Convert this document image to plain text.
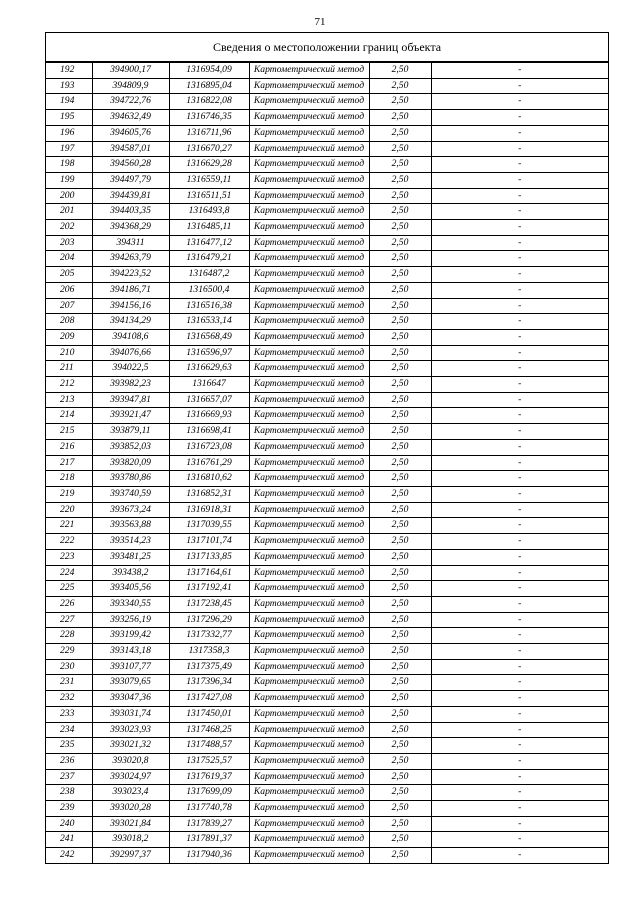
71
Сведения о местоположении границ объекта
192	394900,17	1316954,09	Картометрический метод	2,50	-
193	394809,9	1316895,04	Картометрический метод	2,50	-
194	394722,76	1316822,08	Картометрический метод	2,50	-
195	394632,49	1316746,35	Картометрический метод	2,50	-
196	394605,76	1316711,96	Картометрический метод	2,50	-
197	394587,01	1316670,27	Картометрический метод	2,50	-
198	394560,28	1316629,28	Картометрический метод	2,50	-
199	394497,79	1316559,11	Картометрический метод	2,50	-
200	394439,81	1316511,51	Картометрический метод	2,50	-
201	394403,35	1316493,8	Картометрический метод	2,50	-
202	394368,29	1316485,11	Картометрический метод	2,50	-
203	394311	1316477,12	Картометрический метод	2,50	-
204	394263,79	1316479,21	Картометрический метод	2,50	-
205	394223,52	1316487,2	Картометрический метод	2,50	-
206	394186,71	1316500,4	Картометрический метод	2,50	-
207	394156,16	1316516,38	Картометрический метод	2,50	-
208	394134,29	1316533,14	Картометрический метод	2,50	-
209	394108,6	1316568,49	Картометрический метод	2,50	-
210	394076,66	1316596,97	Картометрический метод	2,50	-
211	394022,5	1316629,63	Картометрический метод	2,50	-
212	393982,23	1316647	Картометрический метод	2,50	-
213	393947,81	1316657,07	Картометрический метод	2,50	-
214	393921,47	1316669,93	Картометрический метод	2,50	-
215	393879,11	1316698,41	Картометрический метод	2,50	-
216	393852,03	1316723,08	Картометрический метод	2,50	-
217	393820,09	1316761,29	Картометрический метод	2,50	-
218	393780,86	1316810,62	Картометрический метод	2,50	-
219	393740,59	1316852,31	Картометрический метод	2,50	-
220	393673,24	1316918,31	Картометрический метод	2,50	-
221	393563,88	1317039,55	Картометрический метод	2,50	-
222	393514,23	1317101,74	Картометрический метод	2,50	-
223	393481,25	1317133,85	Картометрический метод	2,50	-
224	393438,2	1317164,61	Картометрический метод	2,50	-
225	393405,56	1317192,41	Картометрический метод	2,50	-
226	393340,55	1317238,45	Картометрический метод	2,50	-
227	393256,19	1317296,29	Картометрический метод	2,50	-
228	393199,42	1317332,77	Картометрический метод	2,50	-
229	393143,18	1317358,3	Картометрический метод	2,50	-
230	393107,77	1317375,49	Картометрический метод	2,50	-
231	393079,65	1317396,34	Картометрический метод	2,50	-
232	393047,36	1317427,08	Картометрический метод	2,50	-
233	393031,74	1317450,01	Картометрический метод	2,50	-
234	393023,93	1317468,25	Картометрический метод	2,50	-
235	393021,32	1317488,57	Картометрический метод	2,50	-
236	393020,8	1317525,57	Картометрический метод	2,50	-
237	393024,97	1317619,37	Картометрический метод	2,50	-
238	393023,4	1317699,09	Картометрический метод	2,50	-
239	393020,28	1317740,78	Картометрический метод	2,50	-
240	393021,84	1317839,27	Картометрический метод	2,50	-
241	393018,2	1317891,37	Картометрический метод	2,50	-
242	392997,37	1317940,36	Картометрический метод	2,50	-
